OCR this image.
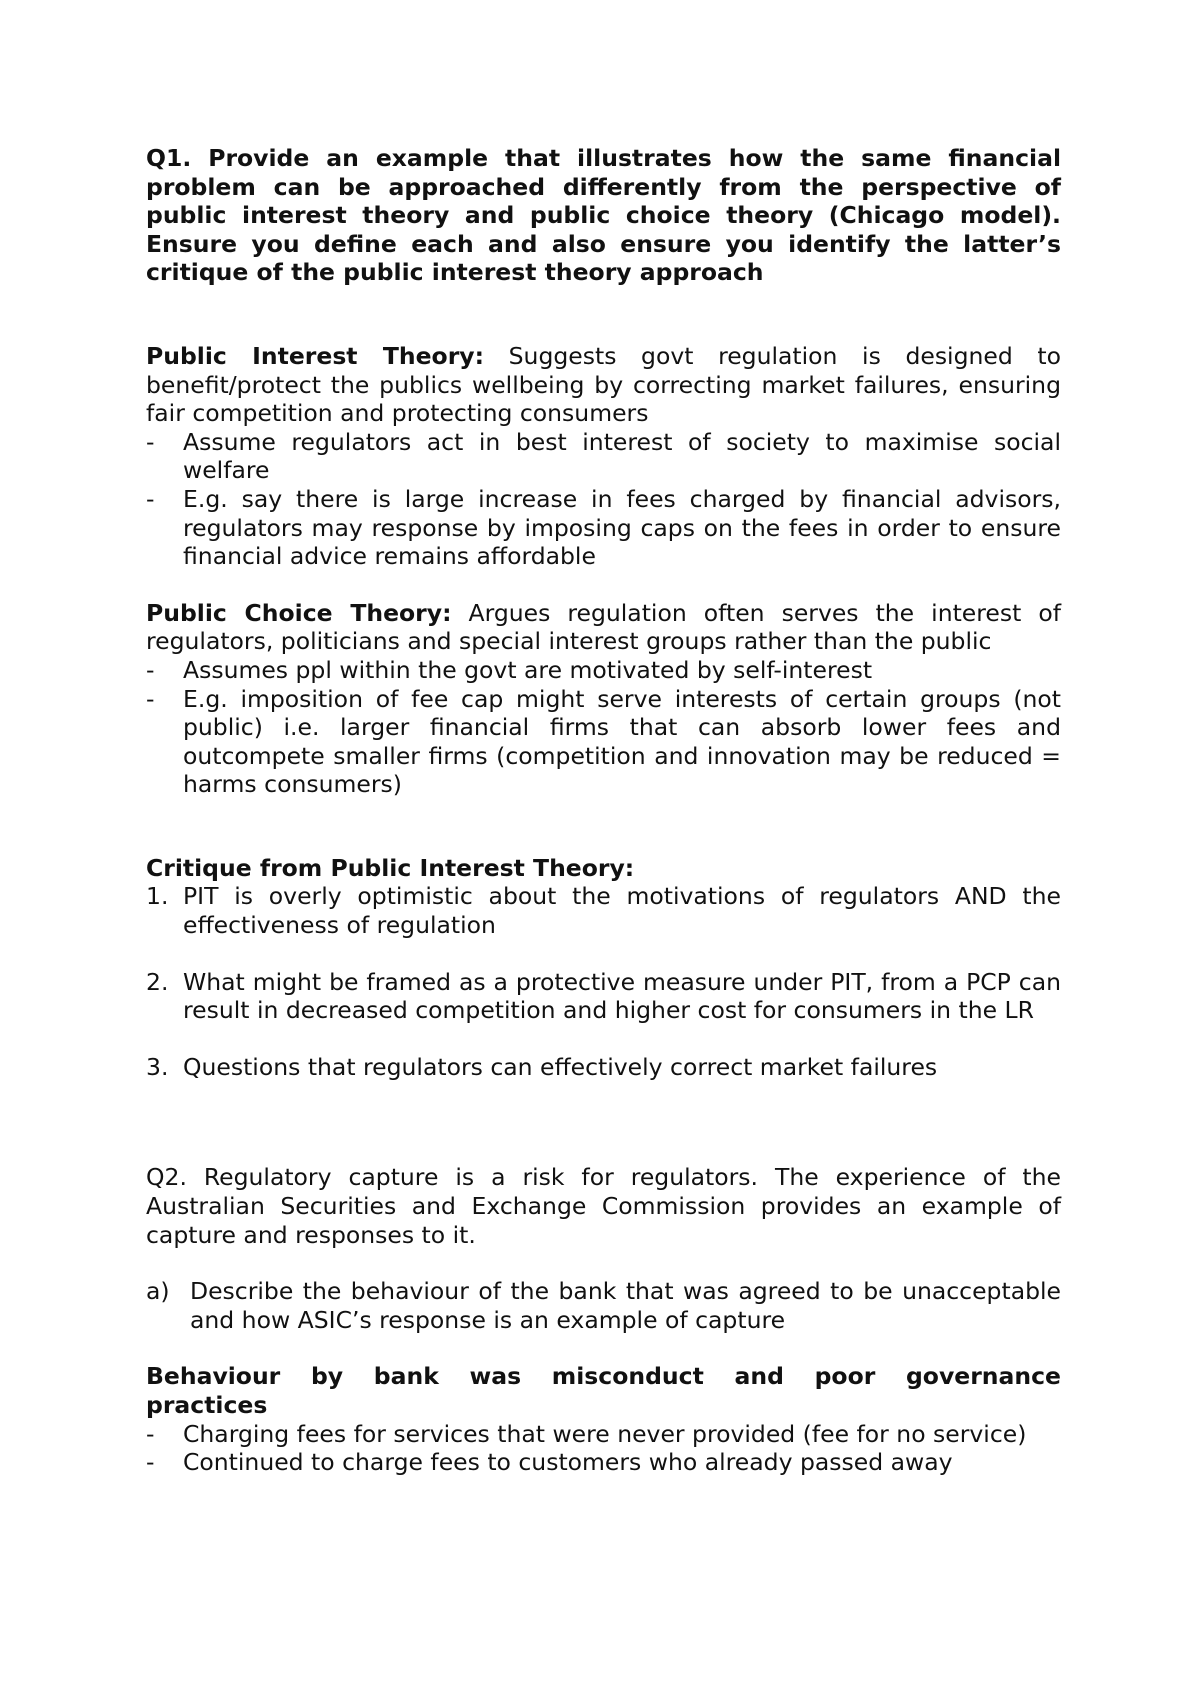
Q1. Provide an example that illustrates how the same financial problem can be approached differently from the perspective of public interest theory and public choice theory (Chicago model). Ensure you define each and also ensure you identify the latter’s critique of the public interest theory approach

Public Interest Theory: Suggests govt regulation is designed to benefit/protect the publics wellbeing by correcting market failures, ensuring fair competition and protecting consumers

- Assume regulators act in best interest of society to maximise social welfare
- E.g. say there is large increase in fees charged by financial advisors, regulators may response by imposing caps on the fees in order to ensure financial advice remains affordable

Public Choice Theory: Argues regulation often serves the interest of regulators, politicians and special interest groups rather than the public

- Assumes ppl within the govt are motivated by self-interest
- E.g. imposition of fee cap might serve interests of certain groups (not public) i.e. larger financial firms that can absorb lower fees and outcompete smaller firms (competition and innovation may be reduced = harms consumers)

Critique from Public Interest Theory:

1. PIT is overly optimistic about the motivations of regulators AND the effectiveness of regulation
2. What might be framed as a protective measure under PIT, from a PCP can result in decreased competition and higher cost for consumers in the LR
3. Questions that regulators can effectively correct market failures

Q2. Regulatory capture is a risk for regulators. The experience of the Australian Securities and Exchange Commission provides an example of capture and responses to it.

a) Describe the behaviour of the bank that was agreed to be unacceptable and how ASIC’s response is an example of capture

Behaviour by bank was misconduct and poor governance practices

- Charging fees for services that were never provided (fee for no service)
- Continued to charge fees to customers who already passed away
